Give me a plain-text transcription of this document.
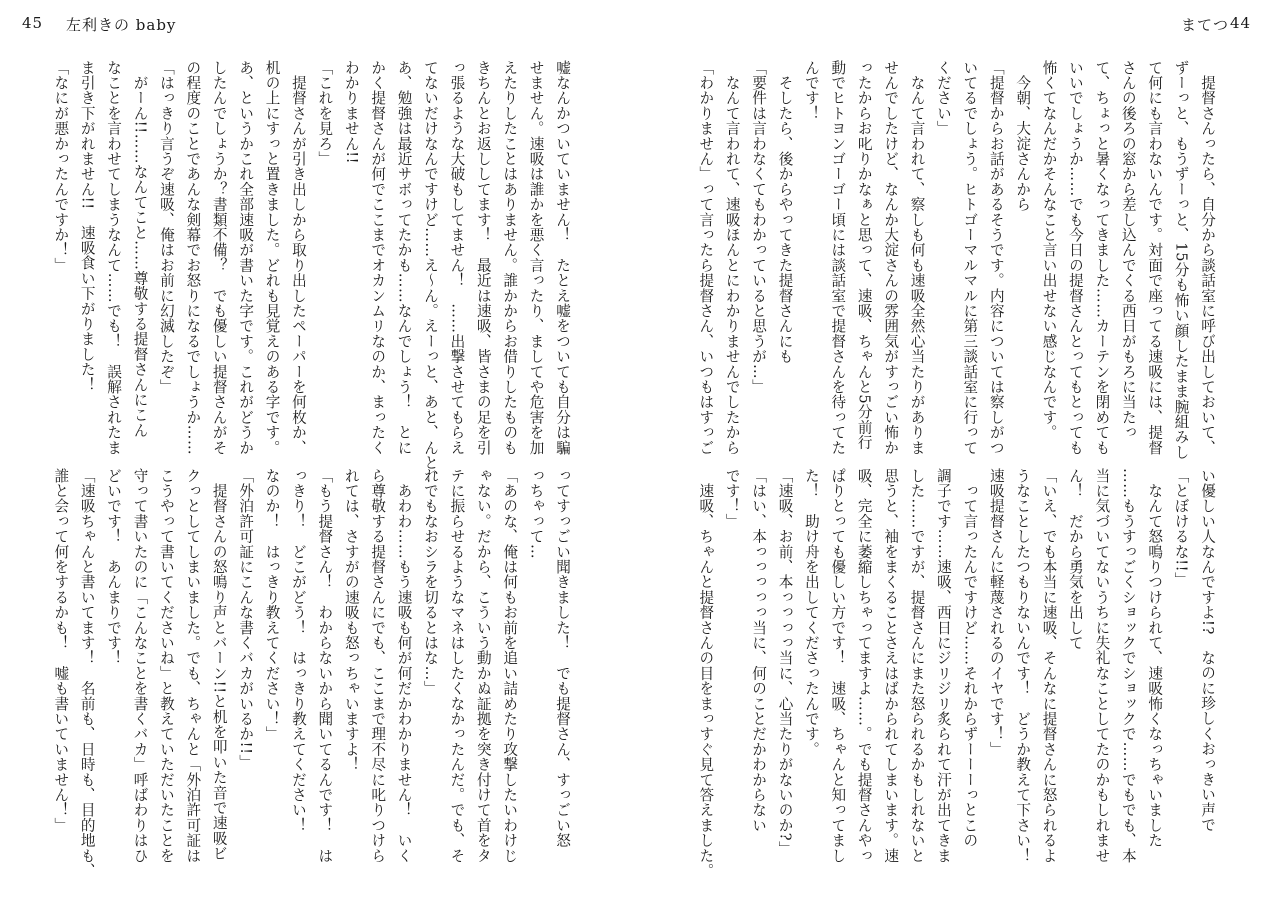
45 左利きの baby
嘘なんかついていません！　たとえ嘘をついても自分は騙
せません。速吸は誰かを悪く言ったり、ましてや危害を加
えたりしたことはありません。誰かからお借りしたものも
きちんとお返ししてます！　最近は速吸、皆さまの足を引
っ張るような大破もしてません！　……出撃させてもらえ
てないだけなんですけど……え～ん。えーっと、あと、んと、
あ、勉強は最近サボってたかも……なんでしょう！　とに
かく提督さんが何でここまでオカンムリなのか、まったく
わかりません!!
「これを見ろ」
　提督さんが引き出しから取り出したペーパーを何枚か、
机の上にすっと置きました。どれも見覚えのある字です。
あ、というかこれ全部速吸が書いた字です。これがどうか
したんでしょうか？書類不備？　でも優しい提督さんがそ
の程度のことであんな剣幕でお怒りになるでしょうか……
「はっきり言うぞ速吸、俺はお前に幻滅したぞ」
　がーん!!……なんてこと……尊敬する提督さんにこん
なことを言わせてしまうなんて……でも！　誤解されたま
ま引き下がれません!!　速吸食い下がりました！
「なにが悪かったんですか！」
ってすっごい聞きました！　でも提督さん、すっごい怒
っちゃって…
「あのな、俺は何もお前を追い詰めたり攻撃したいわけじ
ゃない。だから、こういう動かぬ証拠を突き付けて首をタ
テに振らせるようなマネはしたくなかったんだ。でも、そ
れでもなおシラを切るとはな…」
　あわわ……もう速吸も何が何だかわかりません！　いく
ら尊敬する提督さんにでも、ここまで理不尽に叱りつけら
れては、さすがの速吸も怒っちゃいますよ！
「もう提督さん！　わからないから聞いてるんです！　は
っきり！　どこがどう！　はっきり教えてください！　
なのか！　はっきり教えてください！」
「外泊許可証にこんな書くバカがいるか!!」
　提督さんの怒鳴り声とバーン!!と机を叩いた音で速吸ビ
クっとしてしまいました。でも、ちゃんと「外泊許可証は
こうやって書いてくださいね」と教えていただいたことを
守って書いたのに「こんなことを書くバカ」呼ばわりはひ
どいです！　あんまりです！
「速吸ちゃんと書いてます！　名前も、日時も、目的地も、
誰と会って何をするかも！　嘘も書いていません！」
まてつ 44
　提督さんったら、自分から談話室に呼び出しておいて、
ずーっと、もうずーっと、15分も怖い顔したまま腕組みし
て何にも言わないんです。対面で座ってる速吸には、提督
さんの後ろの窓から差し込んでくる西日がもろに当たっ
て、ちょっと暑くなってきました……カーテンを閉めても
いいでしょうか……でも今日の提督さんとってもとっても
怖くてなんだかそんなこと言い出せない感じなんです。
　今朝、大淀さんから
「提督からお話があるそうです。内容については察しがつ
いてるでしょう。ヒトゴーマルマルに第三談話室に行って
ください」
　なんて言われて、察しも何も速吸全然心当たりがありま
せんでしたけど、なんか大淀さんの雰囲気がすっごい怖か
ったからお叱りかなぁと思って、速吸、ちゃんと5分前行
動でヒトヨンゴーゴー頃には談話室で提督さんを待ってた
んです！
　そしたら、後からやってきた提督さんにも
「要件は言わなくてもわかっていると思うが…」
　なんて言われて、速吸ほんとにわかりませんでしたから
「わかりません」って言ったら提督さん、いつもはすっご
い優しい人なんですよ!?　なのに珍しくおっきい声で
「とぼけるな!!」
　なんて怒鳴りつけられて、速吸怖くなっちゃいました
……もうすっごくショックでショックで……でもでも、本
当に気づいてないうちに失礼なことしてたのかもしれませ
ん！　だから勇気を出して
「いえ、でも本当に速吸、そんなに提督さんに怒られるよ
うなことしたつもりないんです！　どうか教えて下さい！
速吸提督さんに軽蔑されるのイヤです！」
　って言ったんですけど……それからずーーーっとこの
調子です……速吸、西日にジリジリ炙られて汗が出てきま
した……ですが、提督さんにまた怒られるかもしれないと
思うと、袖をまくることさえはばかられてしまいます。速
吸、完全に萎縮しちゃってますよ……。でも提督さんやっ
ぱりとっても優しい方です！　速吸、ちゃんと知ってまし
た！　助け舟を出してくださったんです。
「速吸、お前、本っっっっ当に、心当たりがないのか?」
「はい、本っっっっっ当に、何のことだかわからない
です！」
　速吸、ちゃんと提督さんの目をまっすぐ見て答えました。
